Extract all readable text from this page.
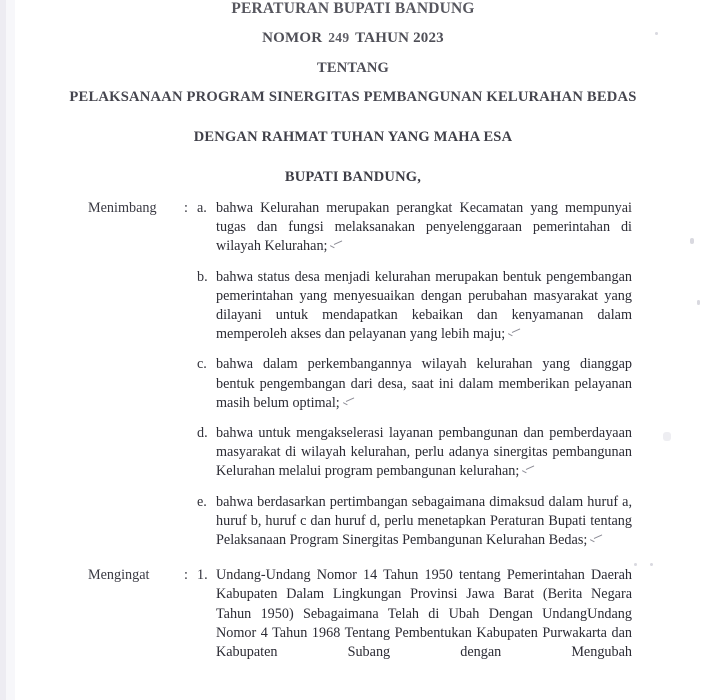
PERATURAN BUPATI BANDUNG
NOMOR 249 TAHUN 2023
TENTANG
PELAKSANAAN PROGRAM SINERGITAS PEMBANGUNAN KELURAHAN BEDAS
DENGAN RAHMAT TUHAN YANG MAHA ESA
BUPATI BANDUNG,
Menimbang	: a. bahwa Kelurahan merupakan perangkat Kecamatan yang mempunyai tugas dan fungsi melaksanakan penyelenggaraan pemerintahan di wilayah Kelurahan;
b. bahwa status desa menjadi kelurahan merupakan bentuk pengembangan pemerintahan yang menyesuaikan dengan perubahan masyarakat yang dilayani untuk mendapatkan kebaikan dan kenyamanan dalam memperoleh akses dan pelayanan yang lebih maju;
c. bahwa dalam perkembangannya wilayah kelurahan yang dianggap bentuk pengembangan dari desa, saat ini dalam memberikan pelayanan masih belum optimal;
d. bahwa untuk mengakselerasi layanan pembangunan dan pemberdayaan masyarakat di wilayah kelurahan, perlu adanya sinergitas pembangunan Kelurahan melalui program pembangunan kelurahan;
e. bahwa berdasarkan pertimbangan sebagaimana dimaksud dalam huruf a, huruf b, huruf c dan huruf d, perlu menetapkan Peraturan Bupati tentang Pelaksanaan Program Sinergitas Pembangunan Kelurahan Bedas;
Mengingat	: 1. Undang-Undang Nomor 14 Tahun 1950 tentang Pemerintahan Daerah Kabupaten Dalam Lingkungan Provinsi Jawa Barat (Berita Negara Tahun 1950) Sebagaimana Telah di Ubah Dengan UndangUndang Nomor 4 Tahun 1968 Tentang Pembentukan Kabupaten Purwakarta dan Kabupaten Subang dengan Mengubah
